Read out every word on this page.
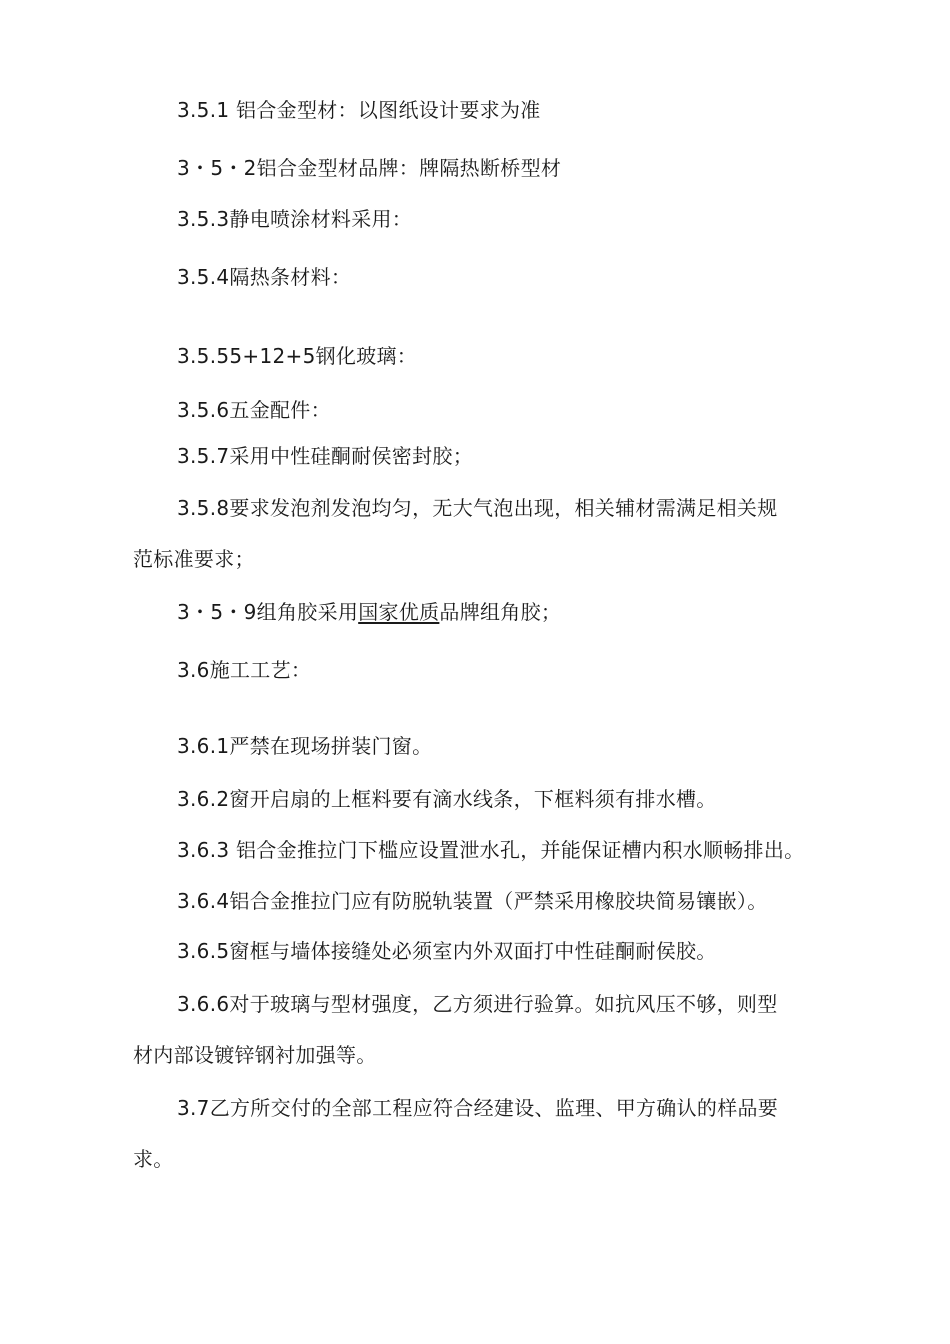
3.5.1 铝合金型材：以图纸设计要求为准
3・5・2铝合金型材品牌：牌隔热断桥型材
3.5.3静电喷涂材料采用：
3.5.4隔热条材料：
3.5.55+12+5钢化玻璃：
3.5.6五金配件：
3.5.7采用中性硅酮耐侯密封胶；
3.5.8要求发泡剂发泡均匀，无大气泡出现，相关辅材需满足相关规
范标准要求；
3・5・9组角胶采用国家优质品牌组角胶；
3.6施工工艺：
3.6.1严禁在现场拼装门窗。
3.6.2窗开启扇的上框料要有滴水线条，下框料须有排水槽。
3.6.3 铝合金推拉门下槛应设置泄水孔，并能保证槽内积水顺畅排出。
3.6.4铝合金推拉门应有防脱轨装置（严禁采用橡胶块简易镶嵌）。
3.6.5窗框与墙体接缝处必须室内外双面打中性硅酮耐侯胶。
3.6.6对于玻璃与型材强度，乙方须进行验算。如抗风压不够，则型
材内部设镀锌钢衬加强等。
3.7乙方所交付的全部工程应符合经建设、监理、甲方确认的样品要
求。
